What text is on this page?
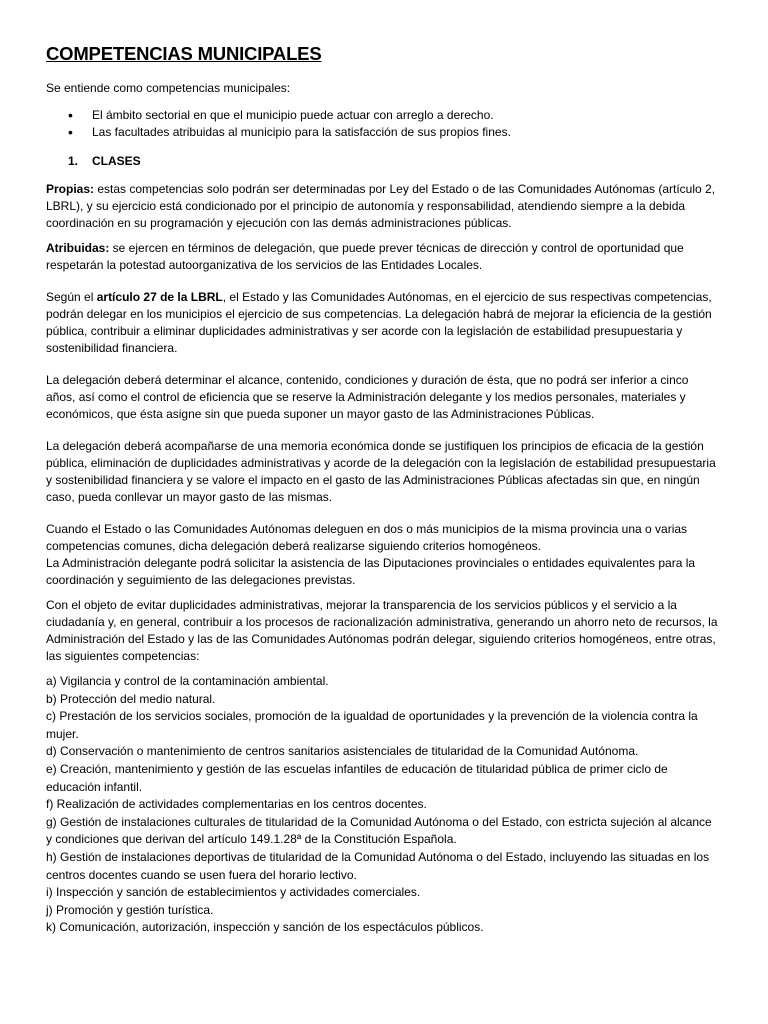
COMPETENCIAS MUNICIPALES

Se entiende como competencias municipales:

• El ámbito sectorial en que el municipio puede actuar con arreglo a derecho.
• Las facultades atribuidas al municipio para la satisfacción de sus propios fines.

1. CLASES

Propias: estas competencias solo podrán ser determinadas por Ley del Estado o de las Comunidades Autónomas (artículo 2, LBRL), y su ejercicio está condicionado por el principio de autonomía y responsabilidad, atendiendo siempre a la debida coordinación en su programación y ejecución con las demás administraciones públicas.

Atribuidas: se ejercen en términos de delegación, que puede prever técnicas de dirección y control de oportunidad que respetarán la potestad autoorganizativa de los servicios de las Entidades Locales.

Según el artículo 27 de la LBRL, el Estado y las Comunidades Autónomas, en el ejercicio de sus respectivas competencias, podrán delegar en los municipios el ejercicio de sus competencias. La delegación habrá de mejorar la eficiencia de la gestión pública, contribuir a eliminar duplicidades administrativas y ser acorde con la legislación de estabilidad presupuestaria y sostenibilidad financiera.

La delegación deberá determinar el alcance, contenido, condiciones y duración de ésta, que no podrá ser inferior a cinco años, así como el control de eficiencia que se reserve la Administración delegante y los medios personales, materiales y económicos, que ésta asigne sin que pueda suponer un mayor gasto de las Administraciones Públicas.

La delegación deberá acompañarse de una memoria económica donde se justifiquen los principios de eficacia de la gestión pública, eliminación de duplicidades administrativas y acorde de la delegación con la legislación de estabilidad presupuestaria y sostenibilidad financiera y se valore el impacto en el gasto de las Administraciones Públicas afectadas sin que, en ningún caso, pueda conllevar un mayor gasto de las mismas.

Cuando el Estado o las Comunidades Autónomas deleguen en dos o más municipios de la misma provincia una o varias competencias comunes, dicha delegación deberá realizarse siguiendo criterios homogéneos.

La Administración delegante podrá solicitar la asistencia de las Diputaciones provinciales o entidades equivalentes para la coordinación y seguimiento de las delegaciones previstas.

Con el objeto de evitar duplicidades administrativas, mejorar la transparencia de los servicios públicos y el servicio a la ciudadanía y, en general, contribuir a los procesos de racionalización administrativa, generando un ahorro neto de recursos, la Administración del Estado y las de las Comunidades Autónomas podrán delegar, siguiendo criterios homogéneos, entre otras, las siguientes competencias:

a) Vigilancia y control de la contaminación ambiental.

b) Protección del medio natural.

c) Prestación de los servicios sociales, promoción de la igualdad de oportunidades y la prevención de la violencia contra la mujer.

d) Conservación o mantenimiento de centros sanitarios asistenciales de titularidad de la Comunidad Autónoma.

e) Creación, mantenimiento y gestión de las escuelas infantiles de educación de titularidad pública de primer ciclo de educación infantil.

f) Realización de actividades complementarias en los centros docentes.

g) Gestión de instalaciones culturales de titularidad de la Comunidad Autónoma o del Estado, con estricta sujeción al alcance y condiciones que derivan del artículo 149.1.28ª de la Constitución Española.

h) Gestión de instalaciones deportivas de titularidad de la Comunidad Autónoma o del Estado, incluyendo las situadas en los centros docentes cuando se usen fuera del horario lectivo.

i) Inspección y sanción de establecimientos y actividades comerciales.

j) Promoción y gestión turística.

k) Comunicación, autorización, inspección y sanción de los espectáculos públicos.
